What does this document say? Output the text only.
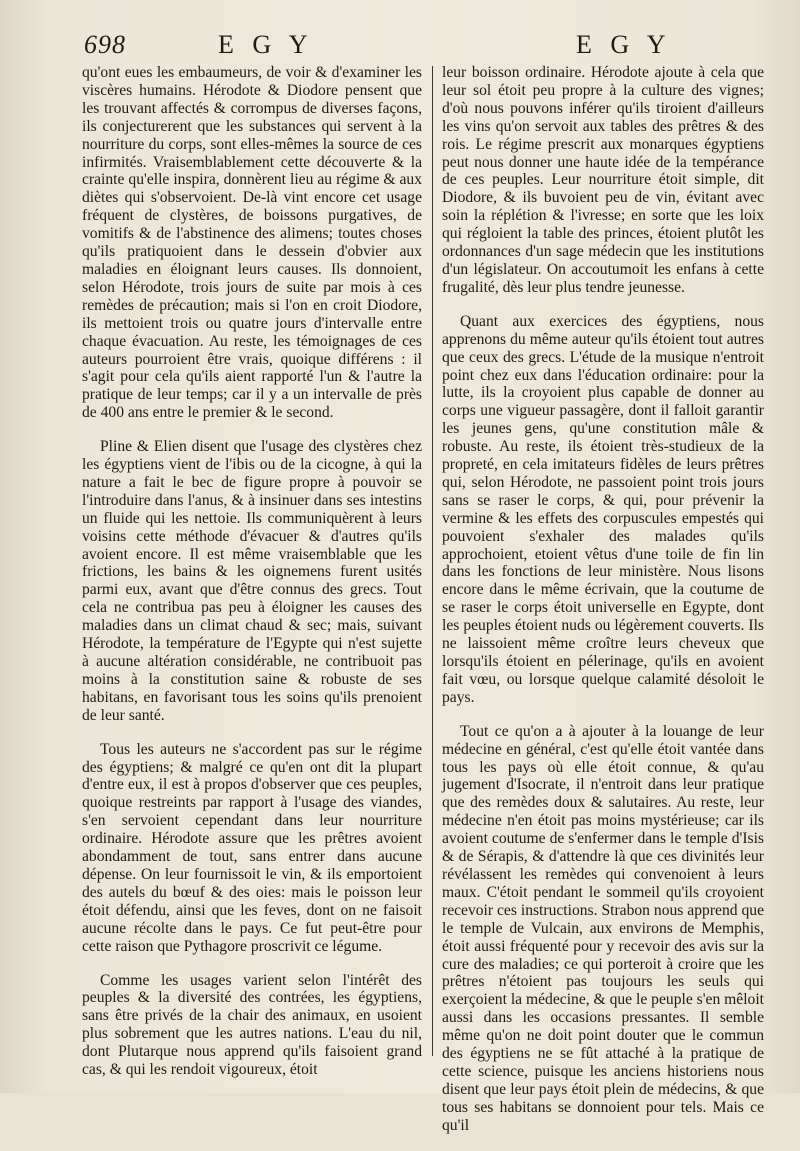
698	E G Y	E G Y

qu'ont eues les embaumeurs, de voir & d'examiner les viscères humains. Hérodote & Diodore pensent que les trouvant affectés & corrompus de diverses façons, ils conjecturerent que les substances qui servent à la nourriture du corps, sont elles-mêmes la source de ces infirmités. Vraisemblablement cette découverte & la crainte qu'elle inspira, donnèrent lieu au régime & aux diètes qui s'observoient. De-là vint encore cet usage fréquent de clystères, de boissons purgatives, de vomitifs & de l'abstinence des alimens; toutes choses qu'ils pratiquoient dans le dessein d'obvier aux maladies en éloignant leurs causes. Ils donnoient, selon Hérodote, trois jours de suite par mois à ces remèdes de précaution; mais si l'on en croit Diodore, ils mettoient trois ou quatre jours d'intervalle entre chaque évacuation. Au reste, les témoignages de ces auteurs pourroient être vrais, quoique différens : il s'agit pour cela qu'ils aient rapporté l'un & l'autre la pratique de leur temps; car il y a un intervalle de près de 400 ans entre le premier & le second.

Pline & Elien disent que l'usage des clystères chez les égyptiens vient de l'ibis ou de la cicogne, à qui la nature a fait le bec de figure propre à pouvoir se l'introduire dans l'anus, & à insinuer dans ses intestins un fluide qui les nettoie. Ils communiquèrent à leurs voisins cette méthode d'évacuer & d'autres qu'ils avoient encore. Il est même vraisemblable que les frictions, les bains & les oignemens furent usités parmi eux, avant que d'être connus des grecs. Tout cela ne contribua pas peu à éloigner les causes des maladies dans un climat chaud & sec; mais, suivant Hérodote, la température de l'Egypte qui n'est sujette à aucune altération considérable, ne contribuoit pas moins à la constitution saine & robuste de ses habitans, en favorisant tous les soins qu'ils prenoient de leur santé.

Tous les auteurs ne s'accordent pas sur le régime des égyptiens; & malgré ce qu'en ont dit la plupart d'entre eux, il est à propos d'observer que ces peuples, quoique restreints par rapport à l'usage des viandes, s'en servoient cependant dans leur nourriture ordinaire. Hérodote assure que les prêtres avoient abondamment de tout, sans entrer dans aucune dépense. On leur fournissoit le vin, & ils emportoient des autels du bœuf & des oies: mais le poisson leur étoit défendu, ainsi que les feves, dont on ne faisoit aucune récolte dans le pays. Ce fut peut-être pour cette raison que Pythagore proscrivit ce légume.

Comme les usages varient selon l'intérêt des peuples & la diversité des contrées, les égyptiens, sans être privés de la chair des animaux, en usoient plus sobrement que les autres nations. L'eau du nil, dont Plutarque nous apprend qu'ils faisoient grand cas, & qui les rendoit vigoureux, étoit

leur boisson ordinaire. Hérodote ajoute à cela que leur sol étoit peu propre à la culture des vignes; d'où nous pouvons inférer qu'ils tiroient d'ailleurs les vins qu'on servoit aux tables des prêtres & des rois. Le régime prescrit aux monarques égyptiens peut nous donner une haute idée de la tempérance de ces peuples. Leur nourriture étoit simple, dit Diodore, & ils buvoient peu de vin, évitant avec soin la réplétion & l'ivresse; en sorte que les loix qui régloient la table des princes, étoient plutôt les ordonnances d'un sage médecin que les institutions d'un législateur. On accoutumoit les enfans à cette frugalité, dès leur plus tendre jeunesse.

Quant aux exercices des égyptiens, nous apprenons du même auteur qu'ils étoient tout autres que ceux des grecs. L'étude de la musique n'entroit point chez eux dans l'éducation ordinaire: pour la lutte, ils la croyoient plus capable de donner au corps une vigueur passagère, dont il falloit garantir les jeunes gens, qu'une constitution mâle & robuste. Au reste, ils étoient très-studieux de la propreté, en cela imitateurs fidèles de leurs prêtres qui, selon Hérodote, ne passoient point trois jours sans se raser le corps, & qui, pour prévenir la vermine & les effets des corpuscules empestés qui pouvoient s'exhaler des malades qu'ils approchoient, etoient vêtus d'une toile de fin lin dans les fonctions de leur ministère. Nous lisons encore dans le même écrivain, que la coutume de se raser le corps étoit universelle en Egypte, dont les peuples étoient nuds ou légèrement couverts. Ils ne laissoient même croître leurs cheveux que lorsqu'ils étoient en pélerinage, qu'ils en avoient fait vœu, ou lorsque quelque calamité désoloit le pays.

Tout ce qu'on a à ajouter à la louange de leur médecine en général, c'est qu'elle étoit vantée dans tous les pays où elle étoit connue, & qu'au jugement d'Isocrate, il n'entroit dans leur pratique que des remèdes doux & salutaires. Au reste, leur médecine n'en étoit pas moins mystérieuse; car ils avoient coutume de s'enfermer dans le temple d'Isis & de Sérapis, & d'attendre là que ces divinités leur révélassent les remèdes qui convenoient à leurs maux. C'étoit pendant le sommeil qu'ils croyoient recevoir ces instructions. Strabon nous apprend que le temple de Vulcain, aux environs de Memphis, étoit aussi fréquenté pour y recevoir des avis sur la cure des maladies; ce qui porteroit à croire que les prêtres n'étoient pas toujours les seuls qui exerçoient la médecine, & que le peuple s'en mêloit aussi dans les occasions pressantes. Il semble même qu'on ne doit point douter que le commun des égyptiens ne se fût attaché à la pratique de cette science, puisque les anciens historiens nous disent que leur pays étoit plein de médecins, & que tous ses habitans se donnoient pour tels. Mais ce qu'il
